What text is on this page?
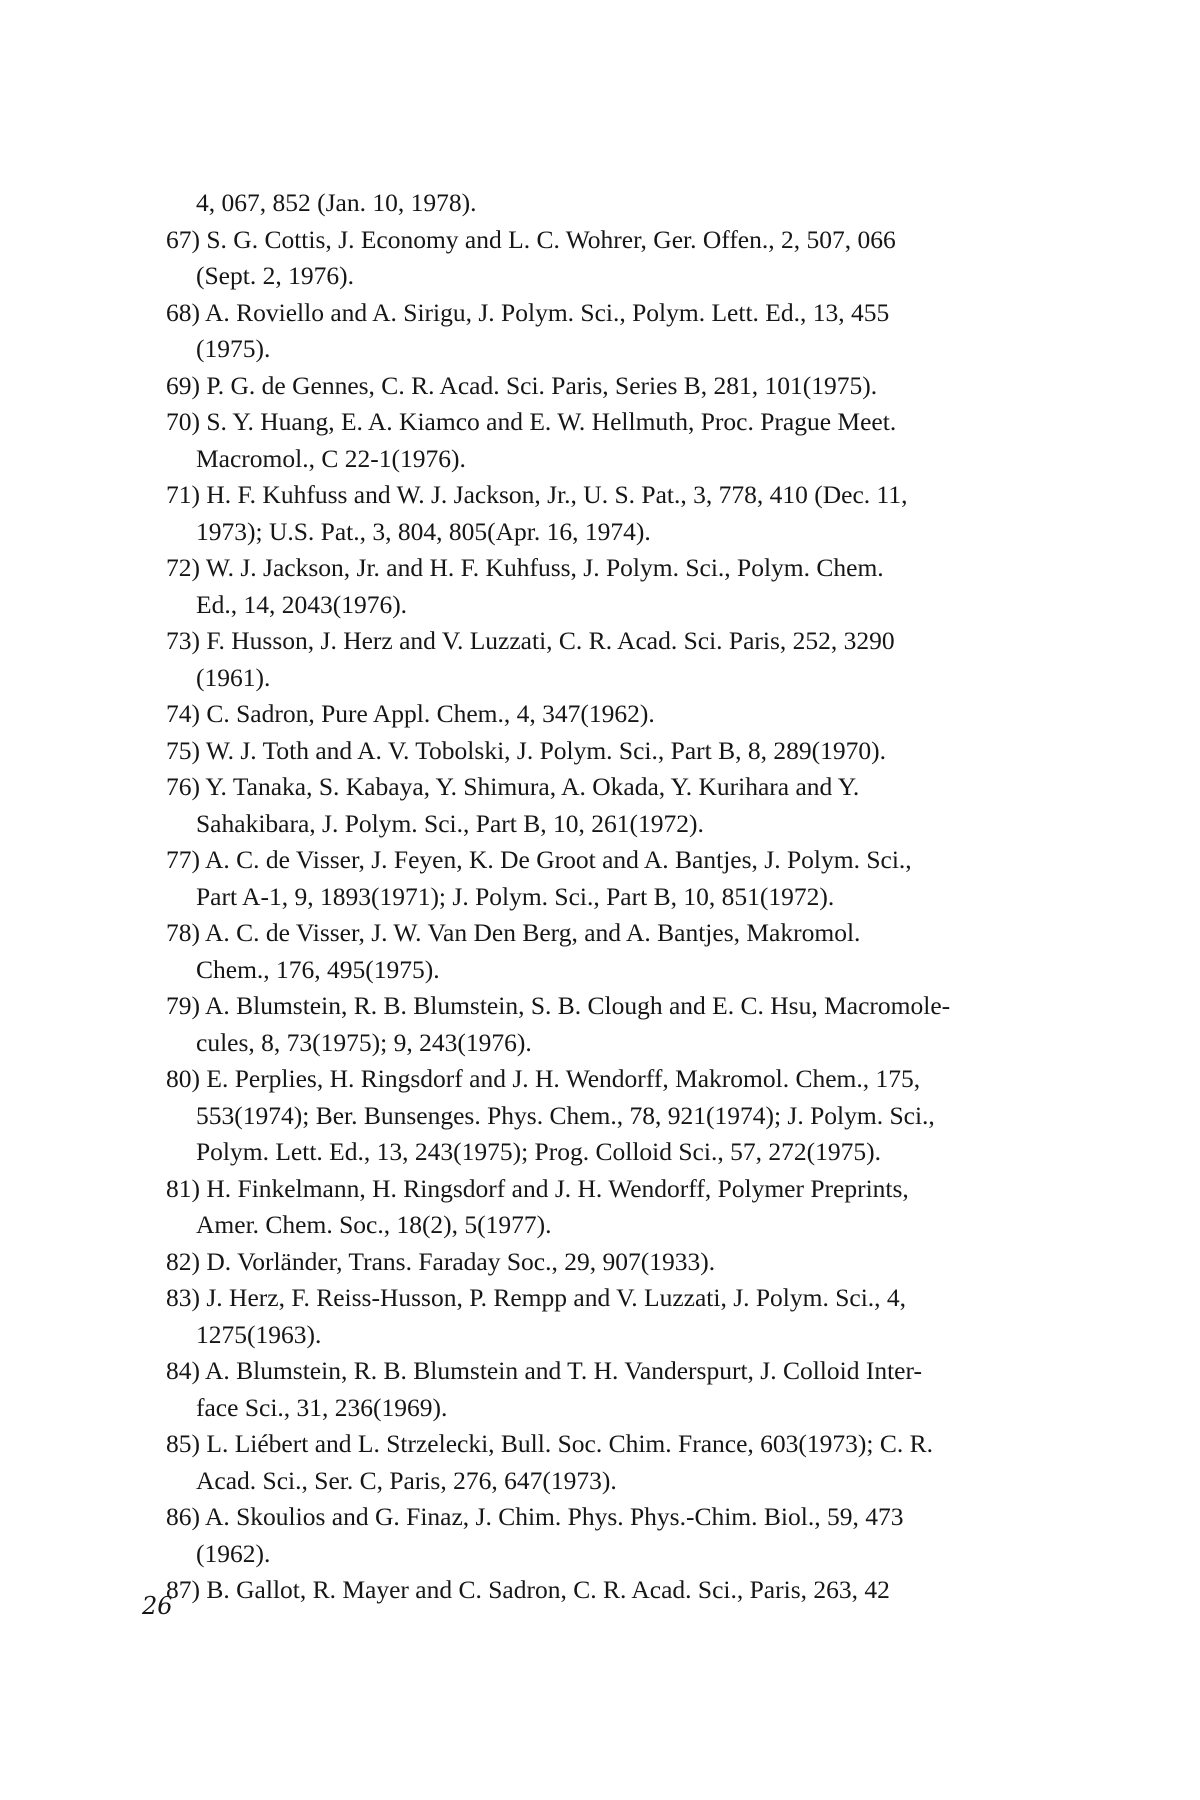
4, 067, 852 (Jan. 10, 1978).
67) S. G. Cottis, J. Economy and L. C. Wohrer, Ger. Offen., 2, 507, 066
(Sept. 2, 1976).
68) A. Roviello and A. Sirigu, J. Polym. Sci., Polym. Lett. Ed., 13, 455
(1975).
69) P. G. de Gennes, C. R. Acad. Sci. Paris, Series B, 281, 101(1975).
70) S. Y. Huang, E. A. Kiamco and E. W. Hellmuth, Proc. Prague Meet.
Macromol., C 22-1(1976).
71) H. F. Kuhfuss and W. J. Jackson, Jr., U. S. Pat., 3, 778, 410 (Dec. 11,
1973); U.S. Pat., 3, 804, 805(Apr. 16, 1974).
72) W. J. Jackson, Jr. and H. F. Kuhfuss, J. Polym. Sci., Polym. Chem.
Ed., 14, 2043(1976).
73) F. Husson, J. Herz and V. Luzzati, C. R. Acad. Sci. Paris, 252, 3290
(1961).
74) C. Sadron, Pure Appl. Chem., 4, 347(1962).
75) W. J. Toth and A. V. Tobolski, J. Polym. Sci., Part B, 8, 289(1970).
76) Y. Tanaka, S. Kabaya, Y. Shimura, A. Okada, Y. Kurihara and Y.
Sahakibara, J. Polym. Sci., Part B, 10, 261(1972).
77) A. C. de Visser, J. Feyen, K. De Groot and A. Bantjes, J. Polym. Sci.,
Part A-1, 9, 1893(1971); J. Polym. Sci., Part B, 10, 851(1972).
78) A. C. de Visser, J. W. Van Den Berg, and A. Bantjes, Makromol.
Chem., 176, 495(1975).
79) A. Blumstein, R. B. Blumstein, S. B. Clough and E. C. Hsu, Macromole-
cules, 8, 73(1975); 9, 243(1976).
80) E. Perplies, H. Ringsdorf and J. H. Wendorff, Makromol. Chem., 175,
553(1974); Ber. Bunsenges. Phys. Chem., 78, 921(1974); J. Polym. Sci.,
Polym. Lett. Ed., 13, 243(1975); Prog. Colloid Sci., 57, 272(1975).
81) H. Finkelmann, H. Ringsdorf and J. H. Wendorff, Polymer Preprints,
Amer. Chem. Soc., 18(2), 5(1977).
82) D. Vorländer, Trans. Faraday Soc., 29, 907(1933).
83) J. Herz, F. Reiss-Husson, P. Rempp and V. Luzzati, J. Polym. Sci., 4,
1275(1963).
84) A. Blumstein, R. B. Blumstein and T. H. Vanderspurt, J. Colloid Inter-
face Sci., 31, 236(1969).
85) L. Liébert and L. Strzelecki, Bull. Soc. Chim. France, 603(1973); C. R.
Acad. Sci., Ser. C, Paris, 276, 647(1973).
86) A. Skoulios and G. Finaz, J. Chim. Phys. Phys.-Chim. Biol., 59, 473
(1962).
87) B. Gallot, R. Mayer and C. Sadron, C. R. Acad. Sci., Paris, 263, 42
26
